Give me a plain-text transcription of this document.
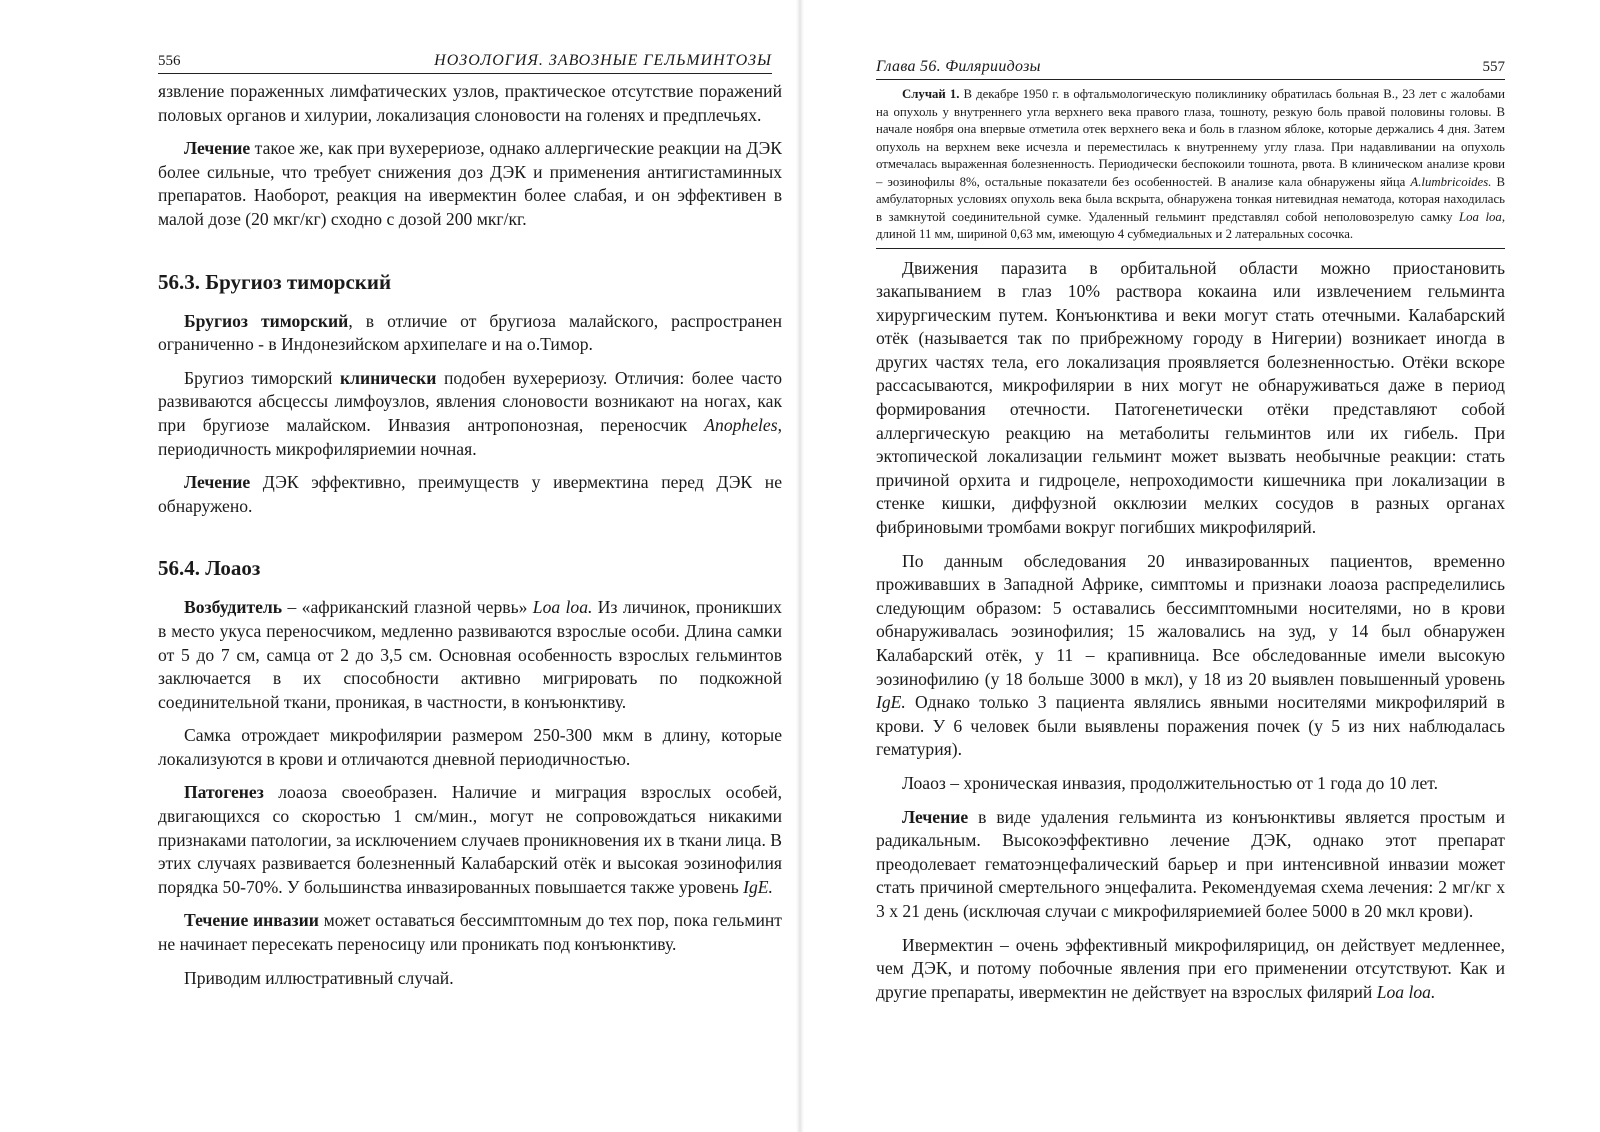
556	НОЗОЛОГИЯ. ЗАВОЗНЫЕ ГЕЛЬМИНТОЗЫ

язвление пораженных лимфатических узлов, практическое отсутствие поражений половых органов и хилурии, локализация слоновости на голенях и предплечьях.

Лечение такое же, как при вухерериозе, однако аллергические реакции на ДЭК более сильные, что требует снижения доз ДЭК и применения антигистаминных препаратов. Наоборот, реакция на ивермектин более слабая, и он эффективен в малой дозе (20 мкг/кг) сходно с дозой 200 мкг/кг.

56.3. Бругиоз тиморский

Бругиоз тиморский, в отличие от бругиоза малайского, распространен ограниченно - в Индонезийском архипелаге и на о.Тимор.

Бругиоз тиморский клинически подобен вухерериозу. Отличия: более часто развиваются абсцессы лимфоузлов, явления слоновости возникают на ногах, как при бругиозе малайском. Инвазия антропонозная, переносчик Anopheles, периодичность микрофиляриемии ночная.

Лечение ДЭК эффективно, преимуществ у ивермектина перед ДЭК не обнаружено.

56.4. Лоаоз

Возбудитель – «африканский глазной червь» Loa loa. Из личинок, проникших в место укуса переносчиком, медленно развиваются взрослые особи. Длина самки от 5 до 7 см, самца от 2 до 3,5 см. Основная особенность взрослых гельминтов заключается в их способности активно мигрировать по подкожной соединительной ткани, проникая, в частности, в конъюнктиву.

Самка отрождает микрофилярии размером 250-300 мкм в длину, которые локализуются в крови и отличаются дневной периодичностью.

Патогенез лоаоза своеобразен. Наличие и миграция взрослых особей, двигающихся со скоростью 1 см/мин., могут не сопровождаться никакими признаками патологии, за исключением случаев проникновения их в ткани лица. В этих случаях развивается болезненный Калабарский отёк и высокая эозинофилия порядка 50-70%. У большинства инвазированных повышается также уровень IgE.

Течение инвазии может оставаться бессимптомным до тех пор, пока гельминт не начинает пересекать переносицу или проникать под конъюнктиву.

Приводим иллюстративный случай.

Глава 56. Филяриидозы	557

Случай 1. В декабре 1950 г. в офтальмологическую поликлинику обратилась больная В., 23 лет с жалобами на опухоль у внутреннего угла верхнего века правого глаза, тошноту, резкую боль правой половины головы. В начале ноября она впервые отметила отек верхнего века и боль в глазном яблоке, которые держались 4 дня. Затем опухоль на верхнем веке исчезла и переместилась к внутреннему углу глаза. При надавливании на опухоль отмечалась выраженная болезненность. Периодически беспокоили тошнота, рвота. В клиническом анализе крови – эозинофилы 8%, остальные показатели без особенностей. В анализе кала обнаружены яйца A.lumbricoides. В амбулаторных условиях опухоль века была вскрыта, обнаружена тонкая нитевидная нематода, которая находилась в замкнутой соединительной сумке. Удаленный гельминт представлял собой неполовозрелую самку Loa loa, длиной 11 мм, шириной 0,63 мм, имеющую 4 субмедиальных и 2 латеральных сосочка.

Движения паразита в орбитальной области можно приостановить закапыванием в глаз 10% раствора кокаина или извлечением гельминта хирургическим путем. Конъюнктива и веки могут стать отечными. Калабарский отёк (называется так по прибрежному городу в Нигерии) возникает иногда в других частях тела, его локализация проявляется болезненностью. Отёки вскоре рассасываются, микрофилярии в них могут не обнаруживаться даже в период формирования отечности. Патогенетически отёки представляют собой аллергическую реакцию на метаболиты гельминтов или их гибель. При эктопической локализации гельминт может вызвать необычные реакции: стать причиной орхита и гидроцеле, непроходимости кишечника при локализации в стенке кишки, диффузной окклюзии мелких сосудов в разных органах фибриновыми тромбами вокруг погибших микрофилярий.

По данным обследования 20 инвазированных пациентов, временно проживавших в Западной Африке, симптомы и признаки лоаоза распределились следующим образом: 5 оставались бессимптомными носителями, но в крови обнаруживалась эозинофилия; 15 жаловались на зуд, у 14 был обнаружен Калабарский отёк, у 11 – крапивница. Все обследованные имели высокую эозинофилию (у 18 больше 3000 в мкл), у 18 из 20 выявлен повышенный уровень IgE. Однако только 3 пациента являлись явными носителями микрофилярий в крови. У 6 человек были выявлены поражения почек (у 5 из них наблюдалась гематурия).

Лоаоз – хроническая инвазия, продолжительностью от 1 года до 10 лет.

Лечение в виде удаления гельминта из конъюнктивы является простым и радикальным. Высокоэффективно лечение ДЭК, однако этот препарат преодолевает гематоэнцефалический барьер и при интенсивной инвазии может стать причиной смертельного энцефалита. Рекомендуемая схема лечения: 2 мг/кг х 3 х 21 день (исключая случаи с микрофиляриемией более 5000 в 20 мкл крови).

Ивермектин – очень эффективный микрофилярицид, он действует медленнее, чем ДЭК, и потому побочные явления при его применении отсутствуют. Как и другие препараты, ивермектин не действует на взрослых филярий Loa loa.
